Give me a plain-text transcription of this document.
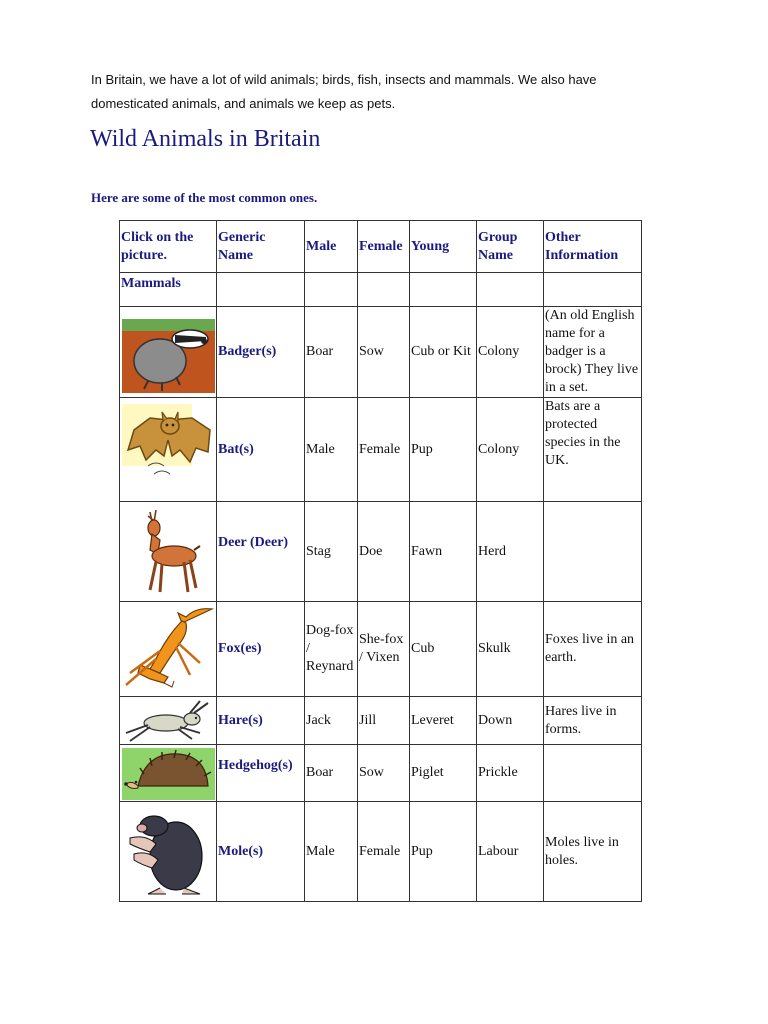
In Britain, we have a lot of wild animals; birds, fish, insects and mammals. We also have

domesticated animals, and animals we keep as pets.

Wild Animals in Britain

Here are some of the most common ones.

Click on the picture.	Generic Name	Male	Female	Young	Group Name	Other Information
Mammals						

	Badger(s)	Boar	Sow	Cub or Kit	Colony	(An old English name for a badger is a brock) They live in a set.

	Bat(s)	Male	Female	Pup	Colony	Bats are a protected species in the UK.

	Deer (Deer)	Stag	Doe	Fawn	Herd	

	Fox(es)	Dog-fox / Reynard	She-fox / Vixen	Cub	Skulk	Foxes live in an earth.

	Hare(s)	Jack	Jill	Leveret	Down	Hares live in forms.

	Hedgehog(s)	Boar	Sow	Piglet	Prickle	

	Mole(s)	Male	Female	Pup	Labour	Moles live in holes.
